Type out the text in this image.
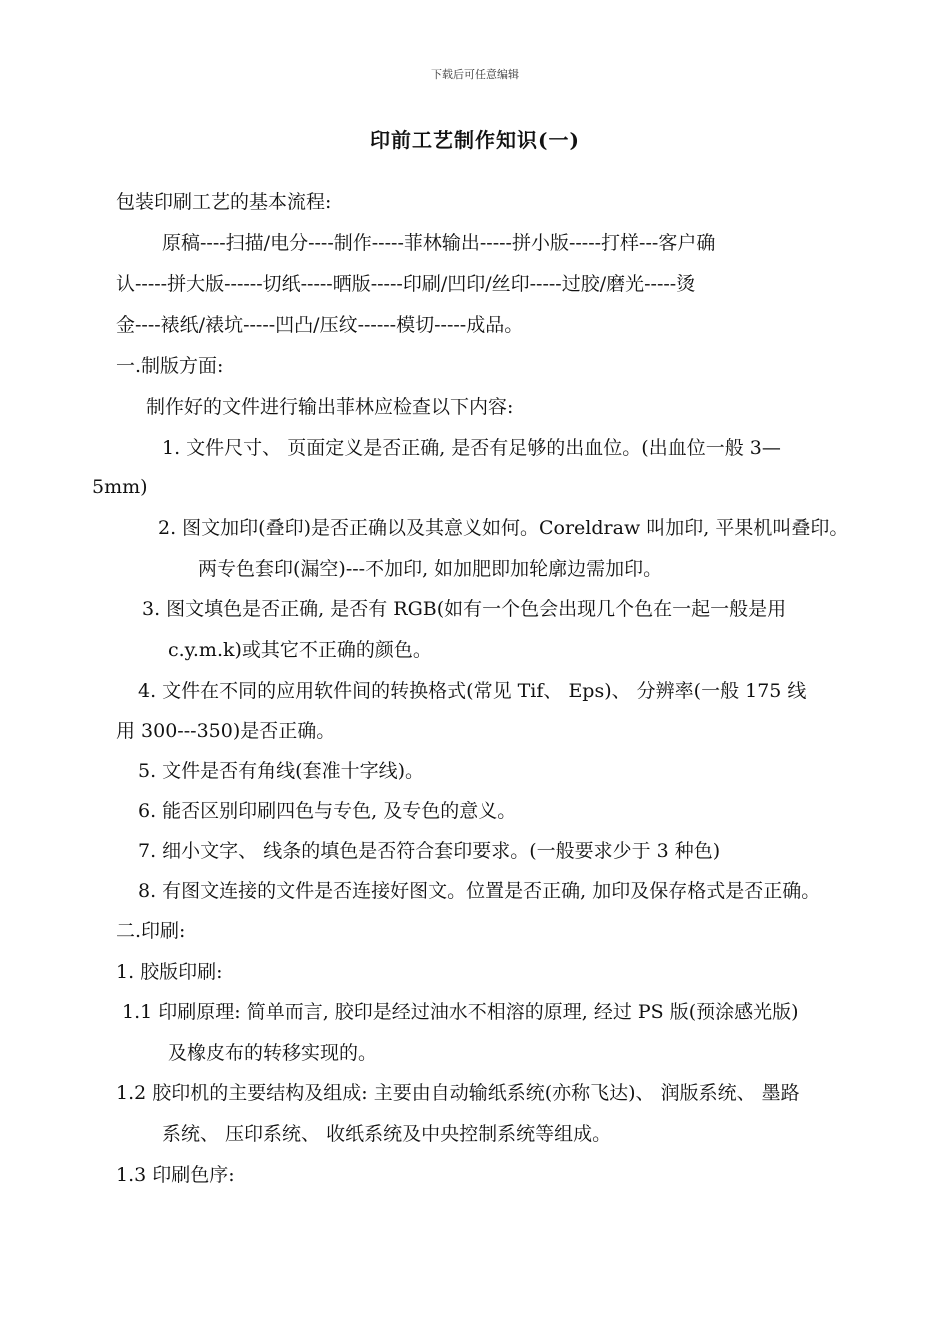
下载后可任意编辑
印前工艺制作知识(一)
包装印刷工艺的基本流程:
原稿----扫描/电分----制作-----菲林输出-----拼小版-----打样---客户确
认-----拼大版------切纸-----晒版-----印刷/凹印/丝印-----过胶/磨光-----烫
金----裱纸/裱坑-----凹凸/压纹------模切-----成品。
一.制版方面:
制作好的文件进行输出菲林应检查以下内容:
1. 文件尺寸、 页面定义是否正确, 是否有足够的出血位。(出血位一般 3—
5mm)
2. 图文加印(叠印)是否正确以及其意义如何。Coreldraw 叫加印, 平果机叫叠印。
两专色套印(漏空)---不加印, 如加肥即加轮廓边需加印。
3. 图文填色是否正确, 是否有 RGB(如有一个色会出现几个色在一起一般是用
c.y.m.k)或其它不正确的颜色。
4. 文件在不同的应用软件间的转换格式(常见 Tif、 Eps)、 分辨率(一般 175 线
用 300---350)是否正确。
5. 文件是否有角线(套准十字线)。
6. 能否区别印刷四色与专色, 及专色的意义。
7. 细小文字、 线条的填色是否符合套印要求。(一般要求少于 3 种色)
8. 有图文连接的文件是否连接好图文。位置是否正确, 加印及保存格式是否正确。
二.印刷:
1. 胶版印刷:
1.1 印刷原理: 简单而言, 胶印是经过油水不相溶的原理, 经过 PS 版(预涂感光版)
及橡皮布的转移实现的。
1.2 胶印机的主要结构及组成: 主要由自动输纸系统(亦称飞达)、 润版系统、 墨路
系统、 压印系统、 收纸系统及中央控制系统等组成。
1.3 印刷色序:
